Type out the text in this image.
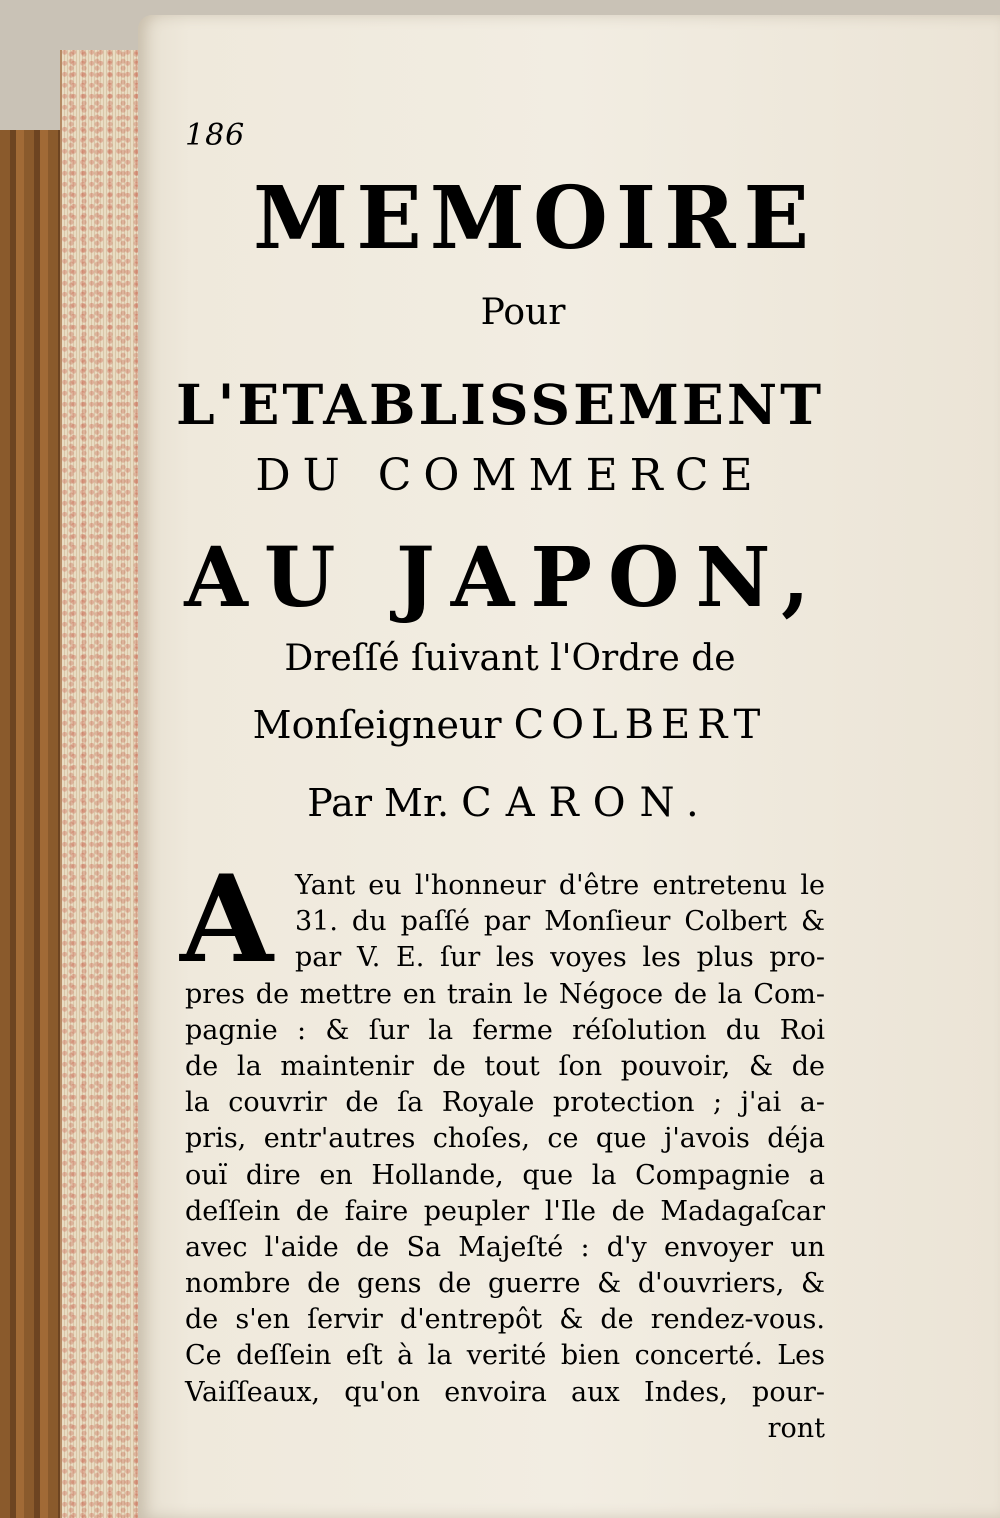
186
MEMOIRE
Pour
L'ETABLISSEMENT
DU COMMERCE
AU JAPON,
Dreſſé ſuivant l'Ordre de
Monſeigneur COLBERT
Par Mr. CARON.
A Yant eu l'honneur d'être entretenu le
31. du paſſé par Monſieur Colbert &
par V. E. ſur les voyes les plus pro-
pres de mettre en train le Négoce de la Com-
pagnie : & ſur la ferme réſolution du Roi
de la maintenir de tout ſon pouvoir, & de
la couvrir de ſa Royale protection ; j'ai a-
pris, entr'autres choſes, ce que j'avois déja
ouï dire en Hollande, que la Compagnie a
deſſein de faire peupler l'Ile de Madagaſcar
avec l'aide de Sa Majeſté : d'y envoyer un
nombre de gens de guerre & d'ouvriers, &
de s'en ſervir d'entrepôt & de rendez-vous.
Ce deſſein eſt à la verité bien concerté. Les
Vaiſſeaux, qu'on envoira aux Indes, pour-
ront
